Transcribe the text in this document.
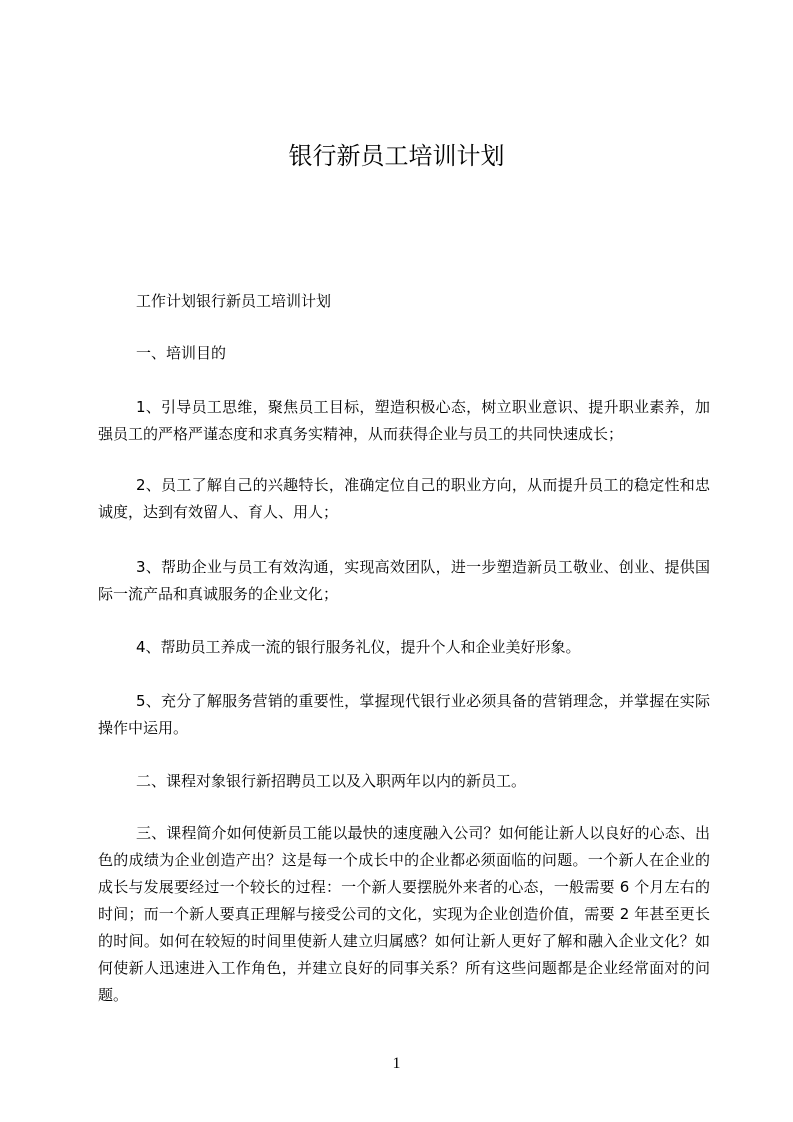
银行新员工培训计划

工作计划银行新员工培训计划

一、培训目的

1、引导员工思维，聚焦员工目标，塑造积极心态，树立职业意识、提升职业素养，加强员工的严格严谨态度和求真务实精神，从而获得企业与员工的共同快速成长；

2、员工了解自己的兴趣特长，准确定位自己的职业方向，从而提升员工的稳定性和忠诚度，达到有效留人、育人、用人；

3、帮助企业与员工有效沟通，实现高效团队，进一步塑造新员工敬业、创业、提供国际一流产品和真诚服务的企业文化；

4、帮助员工养成一流的银行服务礼仪，提升个人和企业美好形象。

5、充分了解服务营销的重要性，掌握现代银行业必须具备的营销理念，并掌握在实际操作中运用。

二、课程对象银行新招聘员工以及入职两年以内的新员工。

三、课程简介如何使新员工能以最快的速度融入公司？如何能让新人以良好的心态、出色的成绩为企业创造产出？这是每一个成长中的企业都必须面临的问题。一个新人在企业的成长与发展要经过一个较长的过程：一个新人要摆脱外来者的心态，一般需要 6 个月左右的时间；而一个新人要真正理解与接受公司的文化，实现为企业创造价值，需要 2 年甚至更长的时间。如何在较短的时间里使新人建立归属感？如何让新人更好了解和融入企业文化？如何使新人迅速进入工作角色，并建立良好的同事关系？所有这些问题都是企业经常面对的问题。

1
